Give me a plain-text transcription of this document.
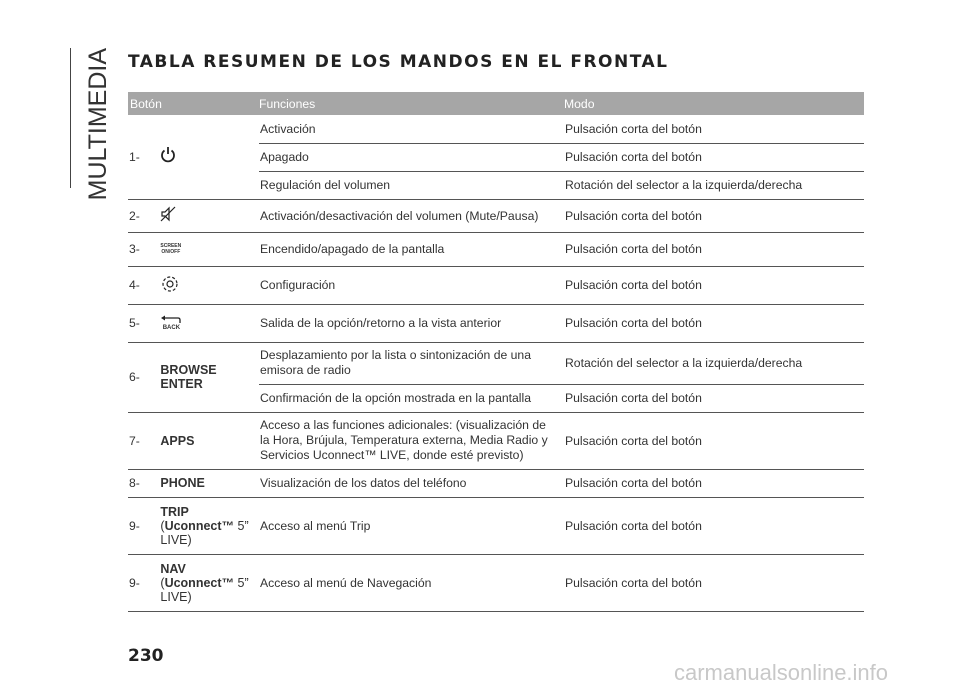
MULTIMEDIA TABLA RESUMEN DE LOS MANDOS EN EL FRONTAL
Botón	Funciones	Modo
1-	Activación	Pulsación corta del botón
	Apagado	Pulsación corta del botón
	Regulación del volumen	Rotación del selector a la izquierda/derecha
2-	Activación/desactivación del volumen (Mute/Pausa)	Pulsación corta del botón
3- SCREEN
ON/OFF	Encendido/apagado de la pantalla	Pulsación corta del botón
4-	Configuración	Pulsación corta del botón
5- BACK	Salida de la opción/retorno a la vista anterior	Pulsación corta del botón
6- BROWSE
ENTER	Desplazamiento por la lista o sintonización de una emisora de radio	Rotación del selector a la izquierda/derecha
	Confirmación de la opción mostrada en la pantalla	Pulsación corta del botón
7- APPS	Acceso a las funciones adicionales: (visualización de la Hora, Brújula, Temperatura externa, Media Radio y Servicios Uconnect™ LIVE, donde esté previsto)	Pulsación corta del botón
8- PHONE	Visualización de los datos del teléfono	Pulsación corta del botón
9-
TRIP
(Uconnect™ 5”
LIVE)	Acceso al menú Trip	Pulsación corta del botón
9-
NAV
(Uconnect™ 5”
LIVE)	Acceso al menú de Navegación	Pulsación corta del botón
230
carmanualsonline.info
